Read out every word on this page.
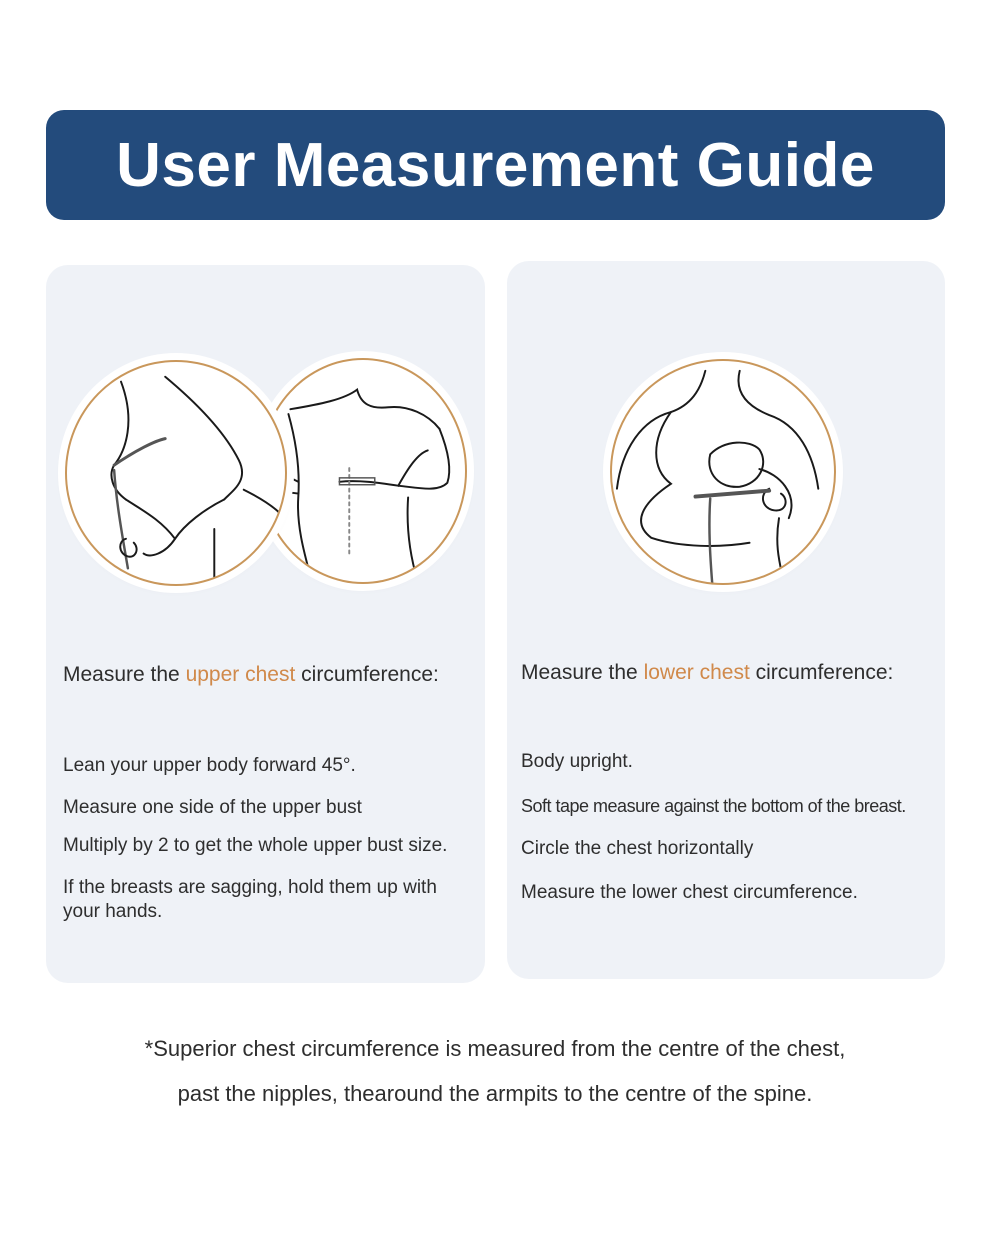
User Measurement Guide
Measure the upper chest circumference:
Lean your upper body forward 45°.
Measure one side of the upper bust
Multiply by 2 to get the whole upper bust size.
If the breasts are sagging, hold them up with your hands.
Measure the lower chest circumference:
Body upright.
Soft tape measure against the bottom of the breast.
Circle the chest horizontally
Measure the lower chest circumference.
*Superior chest circumference is measured from the centre of the chest,
past the nipples, thearound the armpits to the centre of the spine.
